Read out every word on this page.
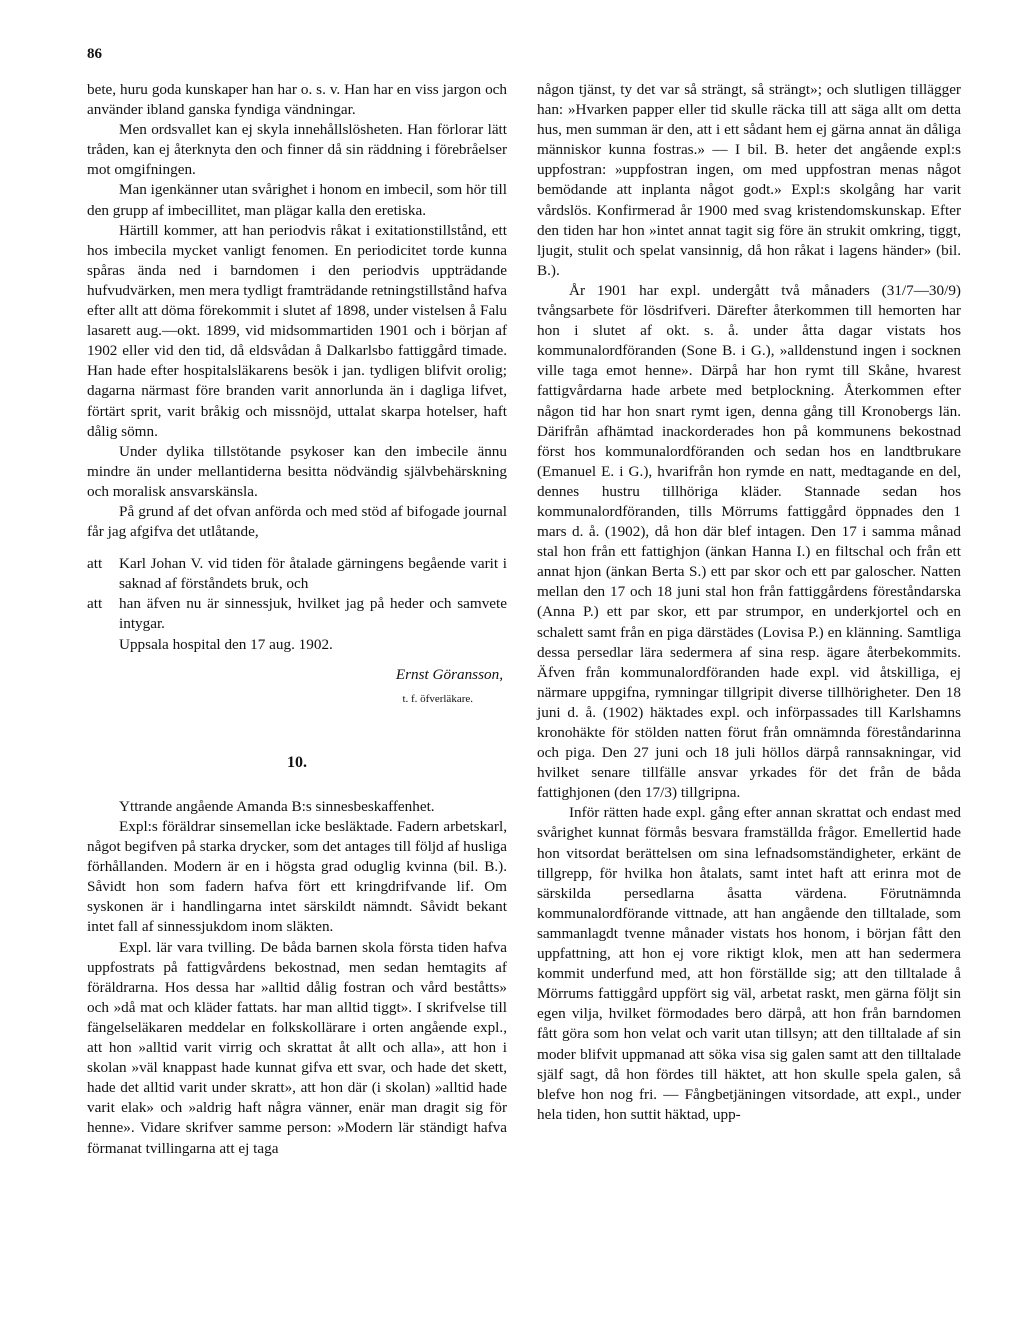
86

bete, huru goda kunskaper han har o. s. v. Han har en viss jargon och använder ibland ganska fyndiga vändningar.

Men ordsvallet kan ej skyla innehållslösheten. Han förlorar lätt tråden, kan ej återknyta den och finner då sin räddning i förebråelser mot omgifningen.

Man igenkänner utan svårighet i honom en imbecil, som hör till den grupp af imbecillitet, man plägar kalla den eretiska.

Härtill kommer, att han periodvis råkat i exitationstillstånd, ett hos imbecila mycket vanligt fenomen. En periodicitet torde kunna spåras ända ned i barndomen i den periodvis uppträdande hufvudvärken, men mera tydligt framträdande retningstillstånd hafva efter allt att döma förekommit i slutet af 1898, under vistelsen å Falu lasarett aug.—okt. 1899, vid midsommartiden 1901 och i början af 1902 eller vid den tid, då eldsvådan å Dalkarlsbo fattiggård timade. Han hade efter hospitalsläkarens besök i jan. tydligen blifvit orolig; dagarna närmast före branden varit annorlunda än i dagliga lifvet, förtärt sprit, varit bråkig och missnöjd, uttalat skarpa hotelser, haft dålig sömn.

Under dylika tillstötande psykoser kan den imbecile ännu mindre än under mellantiderna besitta nödvändig självbehärskning och moralisk ansvarskänsla.

På grund af det ofvan anförda och med stöd af bifogade journal får jag afgifva det utlåtande,

att	Karl Johan V. vid tiden för åtalade gärningens begående varit i saknad af förståndets bruk, och
att	han äfven nu är sinnessjuk, hvilket jag på heder och samvete intygar.

Uppsala hospital den 17 aug. 1902.

Ernst Göransson,
t. f. öfverläkare.
10.

Yttrande angående Amanda B:s sinnesbeskaffenhet.

Expl:s föräldrar sinsemellan icke besläktade. Fadern arbetskarl, något begifven på starka drycker, som det antages till följd af husliga förhållanden. Modern är en i högsta grad oduglig kvinna (bil. B.). Såvidt hon som fadern hafva fört ett kringdrifvande lif. Om syskonen är i handlingarna intet särskildt nämndt. Såvidt bekant intet fall af sinnessjukdom inom släkten.

Expl. lär vara tvilling. De båda barnen skola första tiden hafva uppfostrats på fattigvårdens bekostnad, men sedan hemtagits af föräldrarna. Hos dessa har »alltid dålig fostran och vård beståtts» och »då mat och kläder fattats. har man alltid tiggt». I skrifvelse till fängelseläkaren meddelar en folkskollärare i orten angående expl., att hon »alltid varit virrig och skrattat åt allt och alla», att hon i skolan »väl knappast hade kunnat gifva ett svar, och hade det skett, hade det alltid varit under skratt», att hon där (i skolan) »alltid hade varit elak» och »aldrig haft några vänner, enär man dragit sig för henne». Vidare skrifver samme person: »Modern lär ständigt hafva förmanat tvillingarna att ej taga

någon tjänst, ty det var så strängt, så strängt»; och slutligen tillägger han: »Hvarken papper eller tid skulle räcka till att säga allt om detta hus, men summan är den, att i ett sådant hem ej gärna annat än dåliga människor kunna fostras.» — I bil. B. heter det angående expl:s uppfostran: »uppfostran ingen, om med uppfostran menas något bemödande att inplanta något godt.» Expl:s skolgång har varit vårdslös. Konfirmerad år 1900 med svag kristendomskunskap. Efter den tiden har hon »intet annat tagit sig före än strukit omkring, tiggt, ljugit, stulit och spelat vansinnig, då hon råkat i lagens händer» (bil. B.).

År 1901 har expl. undergått två månaders (31/7—30/9) tvångsarbete för lösdrifveri. Därefter återkommen till hemorten har hon i slutet af okt. s. å. under åtta dagar vistats hos kommunalordföranden (Sone B. i G.), »alldenstund ingen i socknen ville taga emot henne». Därpå har hon rymt till Skåne, hvarest fattigvårdarna hade arbete med betplockning. Återkommen efter någon tid har hon snart rymt igen, denna gång till Kronobergs län. Därifrån afhämtad inackorderades hon på kommunens bekostnad först hos kommunalordföranden och sedan hos en landtbrukare (Emanuel E. i G.), hvarifrån hon rymde en natt, medtagande en del, dennes hustru tillhöriga kläder. Stannade sedan hos kommunalordföranden, tills Mörrums fattiggård öppnades den 1 mars d. å. (1902), då hon där blef intagen. Den 17 i samma månad stal hon från ett fattighjon (änkan Hanna I.) en filtschal och från ett annat hjon (änkan Berta S.) ett par skor och ett par galoscher. Natten mellan den 17 och 18 juni stal hon från fattiggårdens föreståndarska (Anna P.) ett par skor, ett par strumpor, en underkjortel och en schalett samt från en piga därstädes (Lovisa P.) en klänning. Samtliga dessa persedlar lära sedermera af sina resp. ägare återbekommits. Äfven från kommunalordföranden hade expl. vid åtskilliga, ej närmare uppgifna, rymningar tillgripit diverse tillhörigheter. Den 18 juni d. å. (1902) häktades expl. och införpassades till Karlshamns kronohäkte för stölden natten förut från omnämnda föreståndarinna och piga. Den 27 juni och 18 juli höllos därpå rannsakningar, vid hvilket senare tillfälle ansvar yrkades för det från de båda fattighjonen (den 17/3) tillgripna.

Inför rätten hade expl. gång efter annan skrattat och endast med svårighet kunnat förmås besvara framställda frågor. Emellertid hade hon vitsordat berättelsen om sina lefnadsomständigheter, erkänt de tillgrepp, för hvilka hon åtalats, samt intet haft att erinra mot de särskilda persedlarna åsatta värdena. Förutnämnda kommunalordförande vittnade, att han angående den tilltalade, som sammanlagdt tvenne månader vistats hos honom, i början fått den uppfattning, att hon ej vore riktigt klok, men att han sedermera kommit underfund med, att hon förställde sig; att den tilltalade å Mörrums fattiggård uppfört sig väl, arbetat raskt, men gärna följt sin egen vilja, hvilket förmodades bero därpå, att hon från barndomen fått göra som hon velat och varit utan tillsyn; att den tilltalade af sin moder blifvit uppmanad att söka visa sig galen samt att den tilltalade själf sagt, då hon fördes till häktet, att hon skulle spela galen, så blefve hon nog fri. — Fångbetjäningen vitsordade, att expl., under hela tiden, hon suttit häktad, upp-
